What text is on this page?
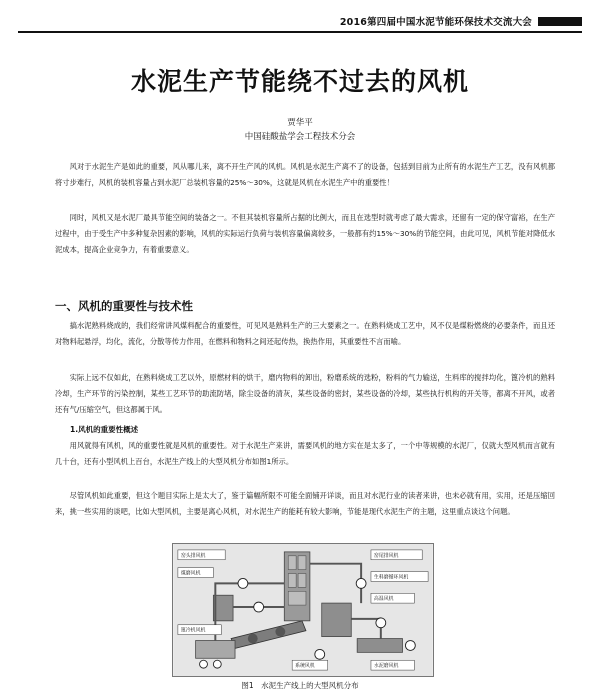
2016第四届中国水泥节能环保技术交流大会
水泥生产节能绕不过去的风机
贾华平
中国硅酸盐学会工程技术分会

风对于水泥生产是如此的重要，风从哪儿来，离不开生产风的风机。风机是水泥生产离不了的设备，包括到目前为止所有的水泥生产工艺，没有风机都将寸步难行，风机的装机容量占到水泥厂总装机容量的25%～30%，这就是风机在水泥生产中的重要性！

同时，风机又是水泥厂最具节能空间的装备之一。不但其装机容量所占据的比例大，而且在选型时就考虑了最大需求，还留有一定的保守富裕，在生产过程中，由于受生产中多种复杂因素的影响，风机的实际运行负荷与装机容量偏离较多，一般都有约15%～30%的节能空间，由此可见，风机节能对降低水泥成本，提高企业竞争力，有着重要意义。

一、风机的重要性与技术性

搞水泥熟料烧成的，我们经常讲风煤料配合的重要性，可见风是熟料生产的三大要素之一。在熟料烧成工艺中，风不仅是煤粉燃烧的必要条件，而且还对物料起悬浮，均化，流化，分散等传力作用，在燃料和物料之间还起传热，换热作用，其重要性不言而喻。

实际上远不仅如此，在熟料烧成工艺以外，原燃材料的烘干，磨内物料的卸出，粉磨系统的选粉，粉料的气力输送，生料库的搅拌均化，篦冷机的熟料冷却，生产环节的污染控制，某些工艺环节的助流防堵，除尘设备的清灰，某些设备的密封，某些设备的冷却，某些执行机构的开关等，都离不开风，或者还有气/压缩空气，但这都属于风。

1.风机的重要性概述

用风就得有风机，风的重要性就是风机的重要性。对于水泥生产来讲，需要风机的地方实在是太多了，一个中等规模的水泥厂，仅就大型风机而言就有几十台，还有小型风机上百台，水泥生产线上的大型风机分布如图1所示。

尽管风机如此重要，但这个题目实际上是太大了，鉴于篇幅所限不可能全面铺开详谈，而且对水泥行业的读者来讲，也未必就有用，实用，还是压缩回来，挑一些实用的谈吧，比如大型风机，主要是离心风机，对水泥生产的能耗有较大影响，节能是现代水泥生产的主题，这里重点谈这个问题。

窑头排风机	窑尾排风机
生料磨循环风机
篦冷机风机
煤磨风机
高温风机
水泥磨风机
系统风机

图1　水泥生产线上的大型风机分布
